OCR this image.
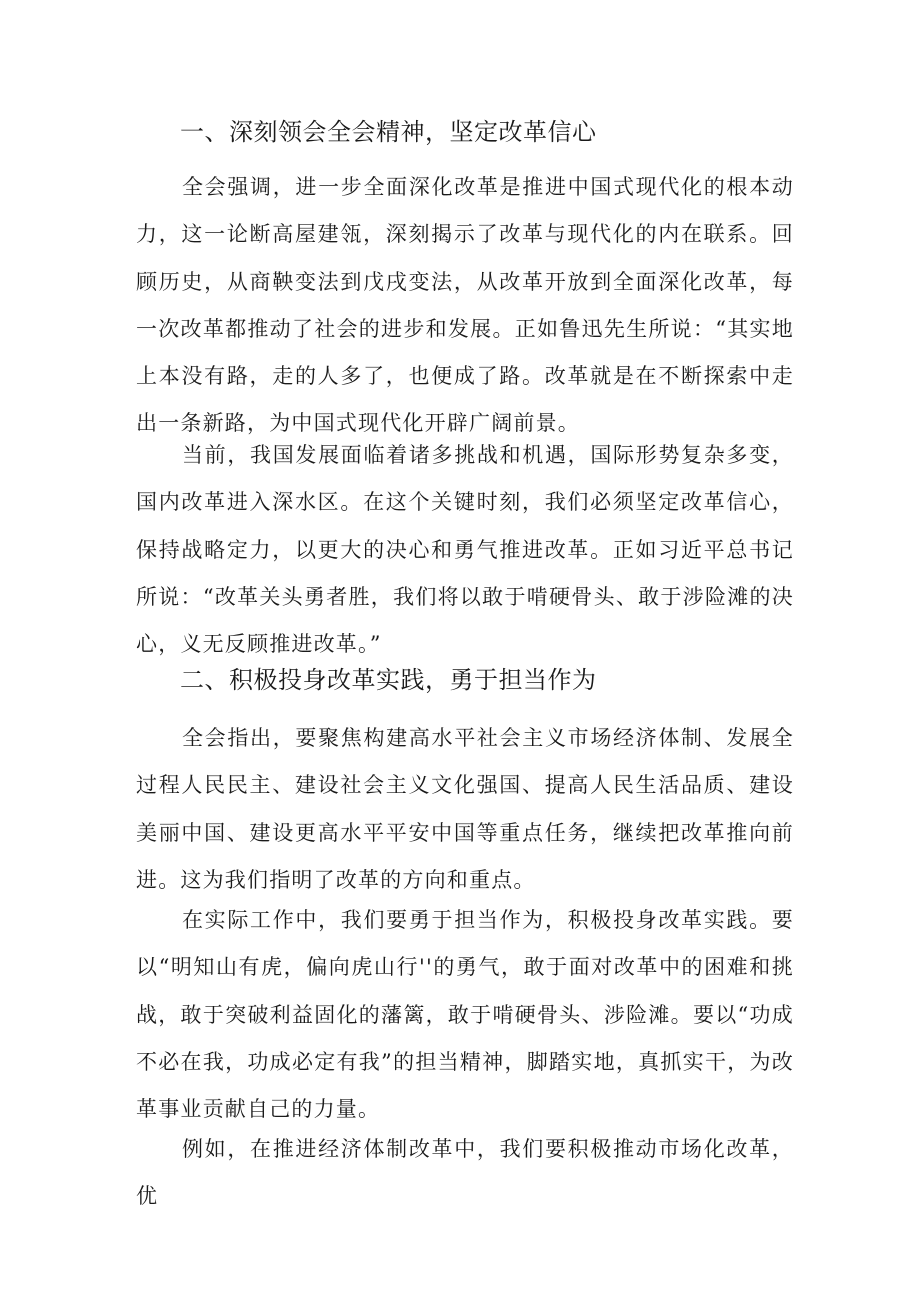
一、深刻领会全会精神，坚定改革信心

全会强调，进一步全面深化改革是推进中国式现代化的根本动力，这一论断高屋建瓴，深刻揭示了改革与现代化的内在联系。回顾历史，从商鞅变法到戊戌变法，从改革开放到全面深化改革，每一次改革都推动了社会的进步和发展。正如鲁迅先生所说：“其实地上本没有路，走的人多了，也便成了路。改革就是在不断探索中走出一条新路，为中国式现代化开辟广阔前景。

当前，我国发展面临着诸多挑战和机遇，国际形势复杂多变，国内改革进入深水区。在这个关键时刻，我们必须坚定改革信心，保持战略定力，以更大的决心和勇气推进改革。正如习近平总书记所说：“改革关头勇者胜，我们将以敢于啃硬骨头、敢于涉险滩的决心，义无反顾推进改革。”

二、积极投身改革实践，勇于担当作为

全会指出，要聚焦构建高水平社会主义市场经济体制、发展全过程人民民主、建设社会主义文化强国、提高人民生活品质、建设美丽中国、建设更高水平平安中国等重点任务，继续把改革推向前进。这为我们指明了改革的方向和重点。

在实际工作中，我们要勇于担当作为，积极投身改革实践。要以“明知山有虎，偏向虎山行''的勇气，敢于面对改革中的困难和挑战，敢于突破利益固化的藩篱，敢于啃硬骨头、涉险滩。要以“功成不必在我，功成必定有我”的担当精神，脚踏实地，真抓实干，为改革事业贡献自己的力量。

例如，在推进经济体制改革中，我们要积极推动市场化改革，优
